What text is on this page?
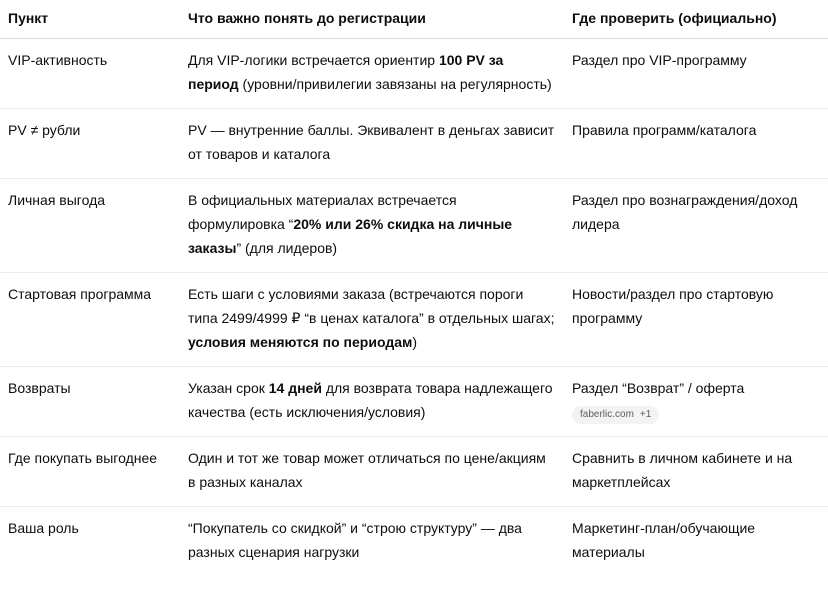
Пункт	Что важно понять до регистрации	Где проверить (официально)
VIP-активность	Для VIP-логики встречается ориентир 100 PV за период (уровни/привилегии завязаны на регулярность)	Раздел про VIP-программу

PV ≠ рубли	PV — внутренние баллы. Эквивалент в деньгах зависит от товаров и каталога	Правила программ/каталога

Личная выгода	В официальных материалах встречается формулировка “20% или 26% скидка на личные заказы” (для лидеров)	Раздел про вознаграждения/доход лидера

Стартовая программа	Есть шаги с условиями заказа (встречаются пороги типа 2499/4999 ₽ “в ценах каталога” в отдельных шагах; условия меняются по периодам)	Новости/раздел про стартовую программу

Возвраты	Указан срок 14 дней для возврата товара надлежащего качества (есть исключения/условия)	Раздел “Возврат” / оферта
faberlic.com +1
Где покупать выгоднее	Один и тот же товар может отличаться по цене/акциям в разных каналах	Сравнить в личном кабинете и на маркетплейсах

Ваша роль	“Покупатель со скидкой” и “строю структуру” — два разных сценария нагрузки	Маркетинг-план/обучающие материалы
